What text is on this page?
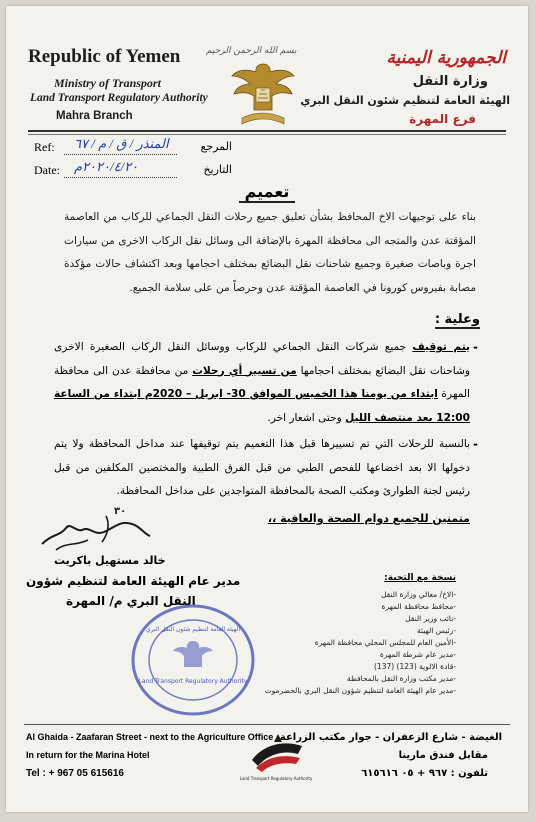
Republic of Yemen
Ministry of Transport
Land Transport Regulatory Authority
Mahra Branch
بسم الله الرحمن الرحيم	الجمهورية اليمنية
وزارة النقل
الهيئة العامة لتنظيم شئون النقل البري
فرع المهرة
Ref: المنذر / ق / م / ٦٧	المرجع
Date: ٢٠٢٠/٤/٢٠م	التاريخ
تعميم
بناء على توجيهات الاخ المحافظ بشأن تعليق جميع رحلات النقل الجماعي للركاب من العاصمة المؤقتة عدن والمتجه الى محافظة المهرة بالإضافة الى وسائل نقل الركاب الاخرى من سيارات اجرة وباصات صغيرة وجميع شاحنات نقل البضائع بمختلف احجامها وبعد اكتشاف حالات مؤكدة مصابة بفيروس كورونا في العاصمة المؤقتة عدن وحرصاً من على سلامة الجميع.
وعلية :
-
يتم توقيف جميع شركات النقل الجماعي للركاب ووسائل النقل الركاب الصغيرة الاخرى وشاحنات نقل البضائع بمختلف احجامها من تسيير أي رحلات من محافظة عدن الى محافظة المهرة ابتداء من يومنا هذا الخميس الموافق 30- ابريل – 2020م ابتداء من الساعة 12:00 بعد منتصف الليل وحتى اشعار اخر.
-
بالنسبة للرحلات التي تم تسييرها قبل هذا التعميم يتم توقيفها عند مداخل المحافظة ولا يتم دخولها الا بعد اخضاعها للفحص الطبي من قبل الفرق الطبية والمختصين المكلفين من قبل رئيس لجنة الطوارئ ومكتب الصحة بالمحافظة المتواجدين على مداخل المحافظة.
متمنين للجميع دوام الصحة والعافية ،،
٣٠
خالد مستهيل باكريت
مدير عام الهيئة العامة لتنظيم شؤون
النقل البري م/ المهرة
Land Transport Regulatory Authority
الهيئة العامة لتنظيم شئون النقل البري
نسخة مع التحية:
-الاخ/ معالي وزارة النقل
-محافظ محافظة المهرة
-نائب وزير النقل
-رئيس الهيئة
-الأمين العام للمجلس المحلي محافظة المهرة
-مدير عام شرطة المهرة
-قادة الالوية (123) (137)
-مدير مكتب وزارة النقل بالمحافظة
-مدير عام الهيئة العامة لتنظيم شؤون النقل البري بالحضرموت
Al Ghaida - Zaafaran Street - next to the Agriculture Office
In return for the Marina Hotel
Tel : + 967 05 615616	Land Transport Regulatory Authority
الغيضة - شارع الزعفران - جوار مكتب الزراعة
مقابل فندق مارينا
تلفون : ٩٦٧ + ٠٥ ٦١٥٦١٦
